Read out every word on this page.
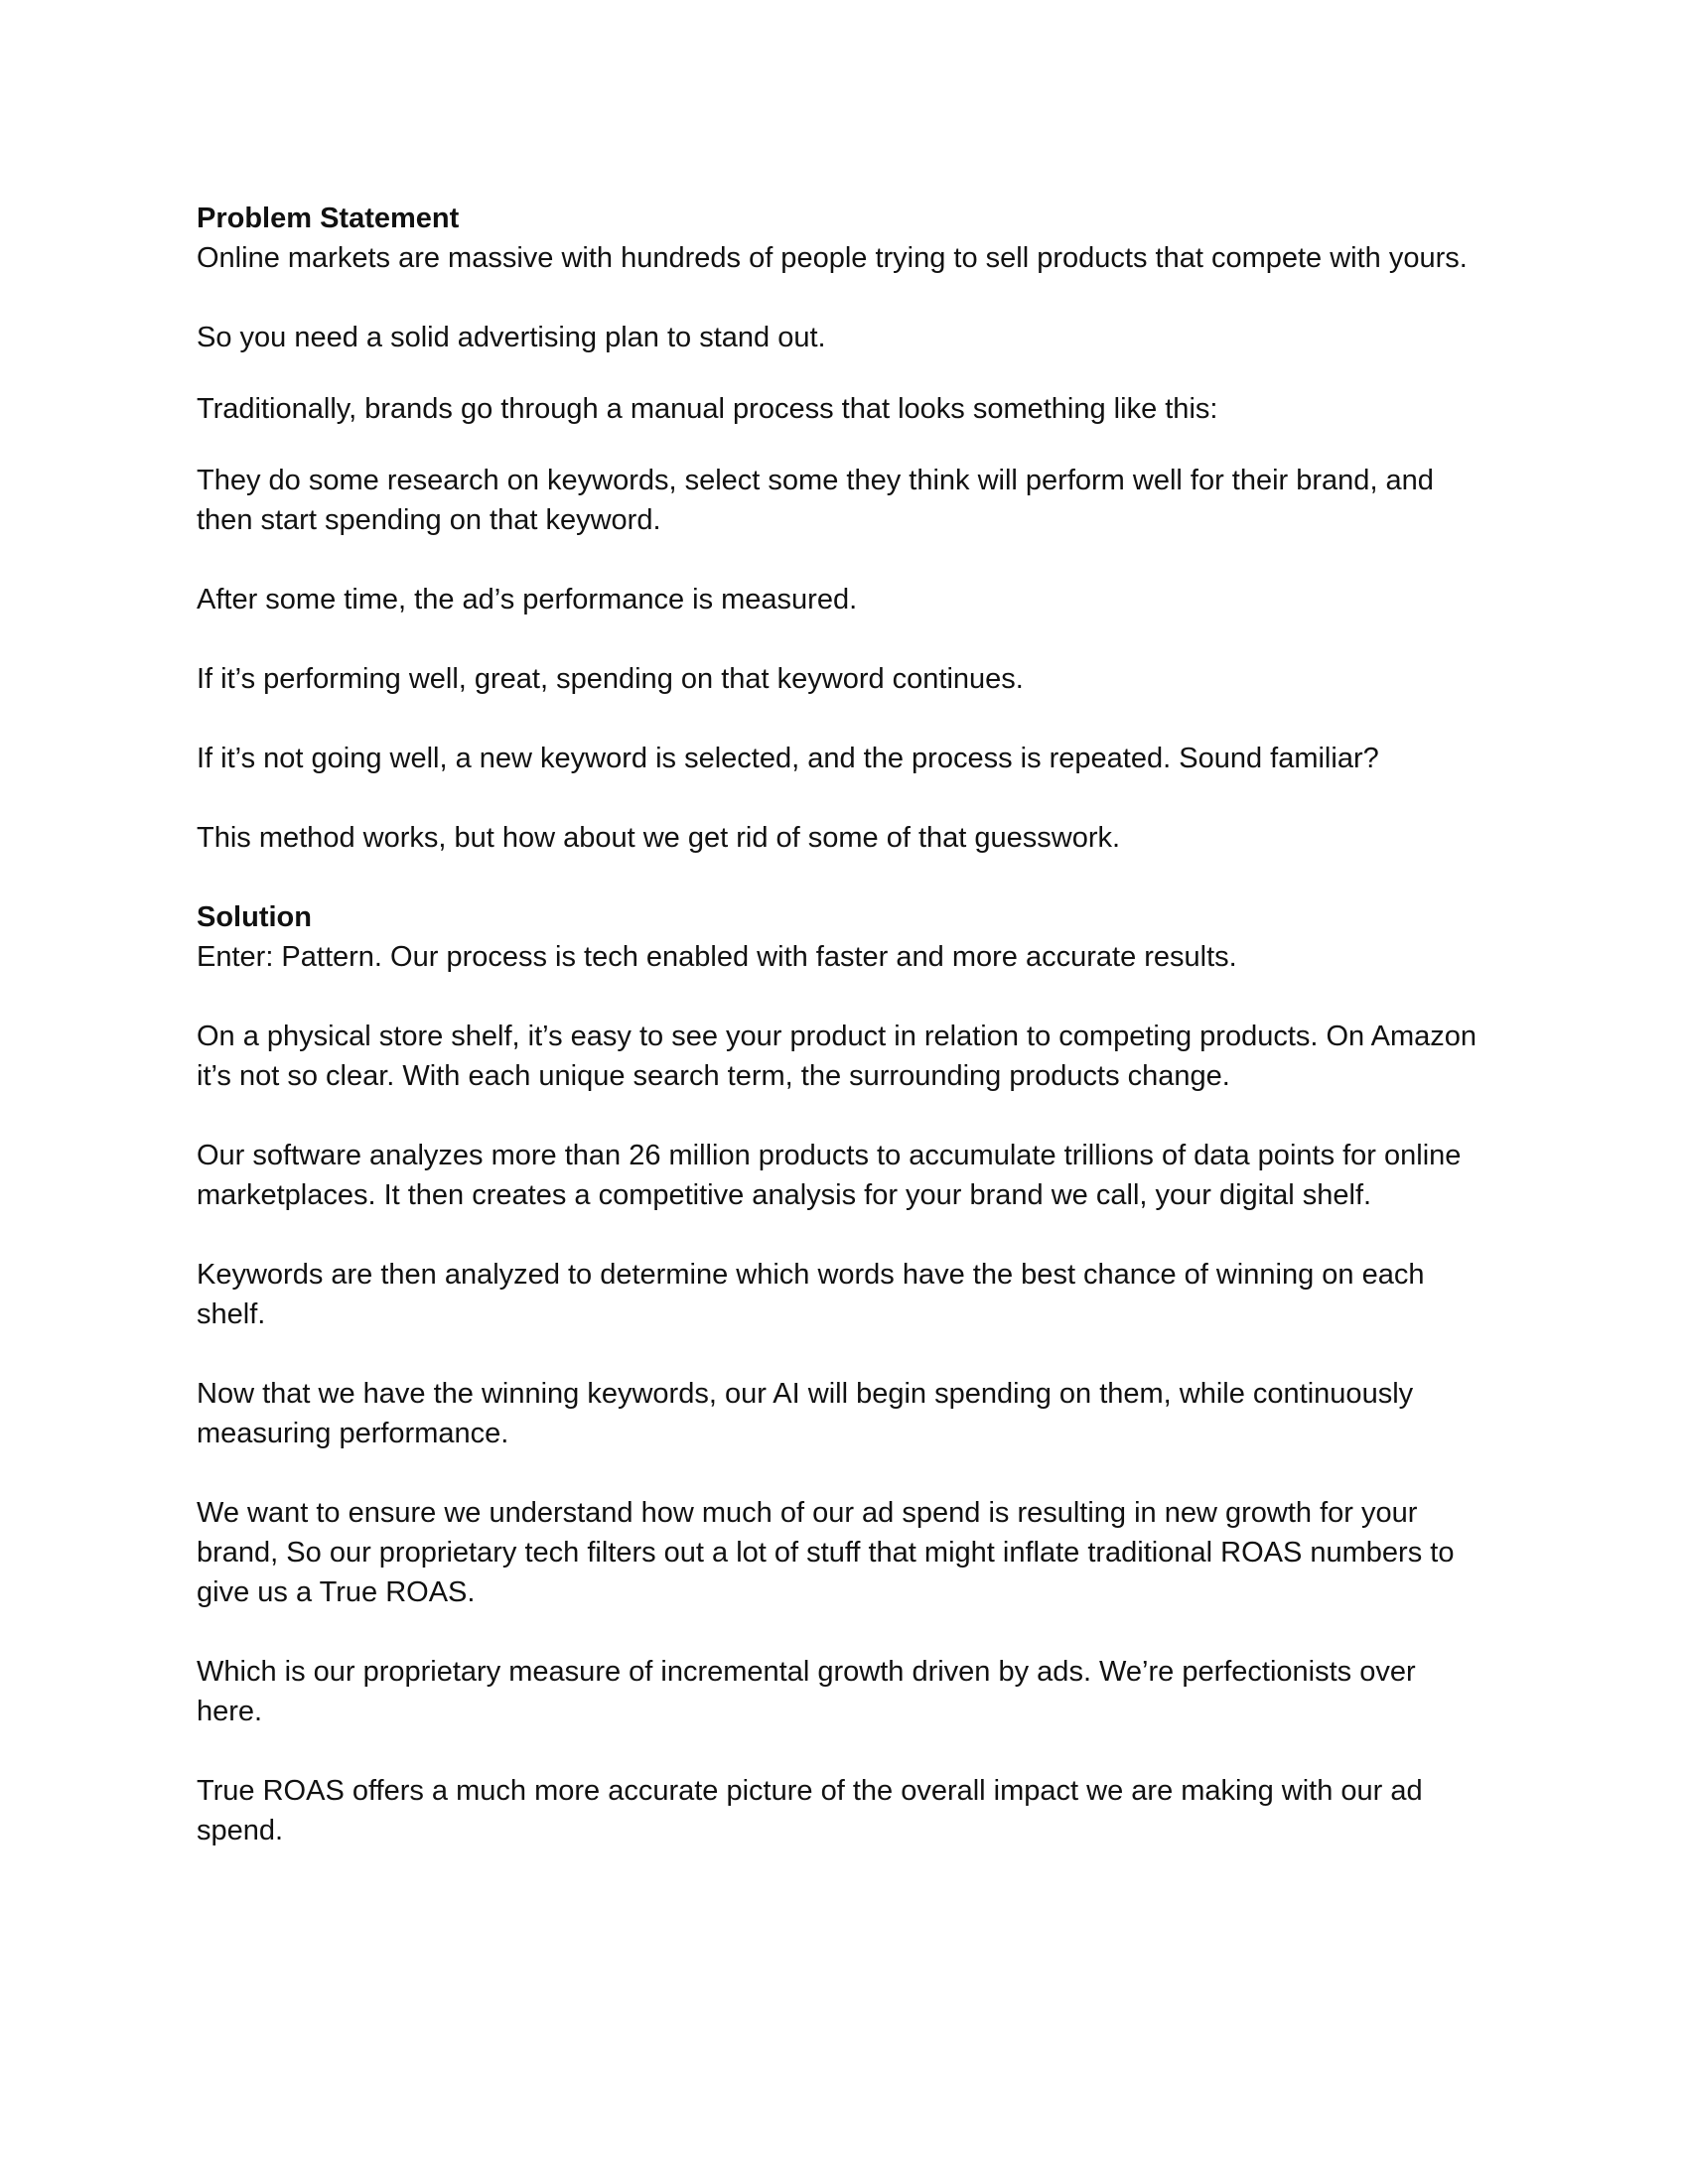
Problem Statement

Online markets are massive with hundreds of people trying to sell products that compete with yours.

So you need a solid advertising plan to stand out.

Traditionally, brands go through a manual process that looks something like this:

They do some research on keywords, select some they think will perform well for their brand, and then start spending on that keyword.

After some time, the ad’s performance is measured.

If it’s performing well, great, spending on that keyword continues.

If it’s not going well, a new keyword is selected, and the process is repeated. Sound familiar?

This method works, but how about we get rid of some of that guesswork.

Solution

Enter: Pattern. Our process is tech enabled with faster and more accurate results.

On a physical store shelf, it’s easy to see your product in relation to competing products. On Amazon it’s not so clear. With each unique search term, the surrounding products change.

Our software analyzes more than 26 million products to accumulate trillions of data points for online marketplaces. It then creates a competitive analysis for your brand we call, your digital shelf.

Keywords are then analyzed to determine which words have the best chance of winning on each shelf.

Now that we have the winning keywords, our AI will begin spending on them, while continuously measuring performance.

We want to ensure we understand how much of our ad spend is resulting in new growth for your brand, So our proprietary tech filters out a lot of stuff that might inflate traditional ROAS numbers to give us a True ROAS.

Which is our proprietary measure of incremental growth driven by ads. We’re perfectionists over here.

True ROAS offers a much more accurate picture of the overall impact we are making with our ad spend.
